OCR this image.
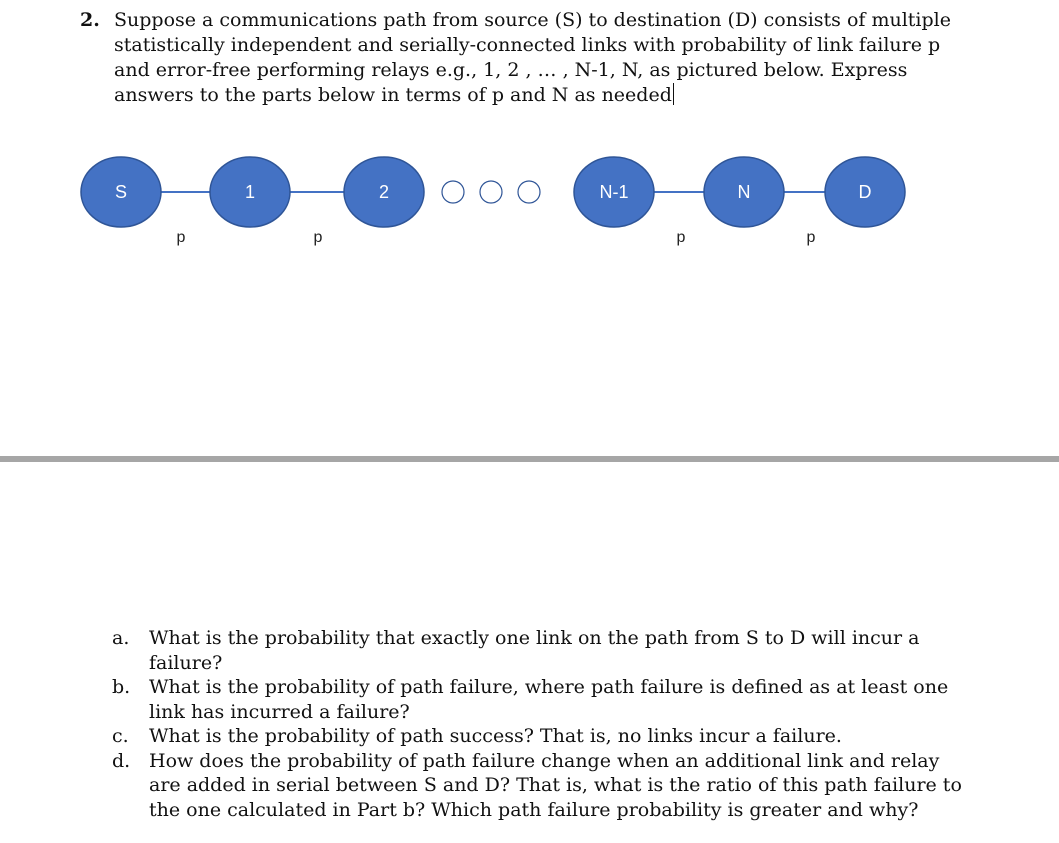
2. Suppose a communications path from source (S) to destination (D) consists of multiple
statistically independent and serially-connected links with probability of link failure p
and error-free performing relays e.g., 1, 2 , … , N-1, N, as pictured below. Express
answers to the parts below in terms of p and N as needed
S	1	2	N-1	N	D
p	p	p	p
a. What is the probability that exactly one link on the path from S to D will incur a
failure?
b. What is the probability of path failure, where path failure is defined as at least one
link has incurred a failure?
c. What is the probability of path success? That is, no links incur a failure.
d. How does the probability of path failure change when an additional link and relay
are added in serial between S and D? That is, what is the ratio of this path failure to
the one calculated in Part b? Which path failure probability is greater and why?
